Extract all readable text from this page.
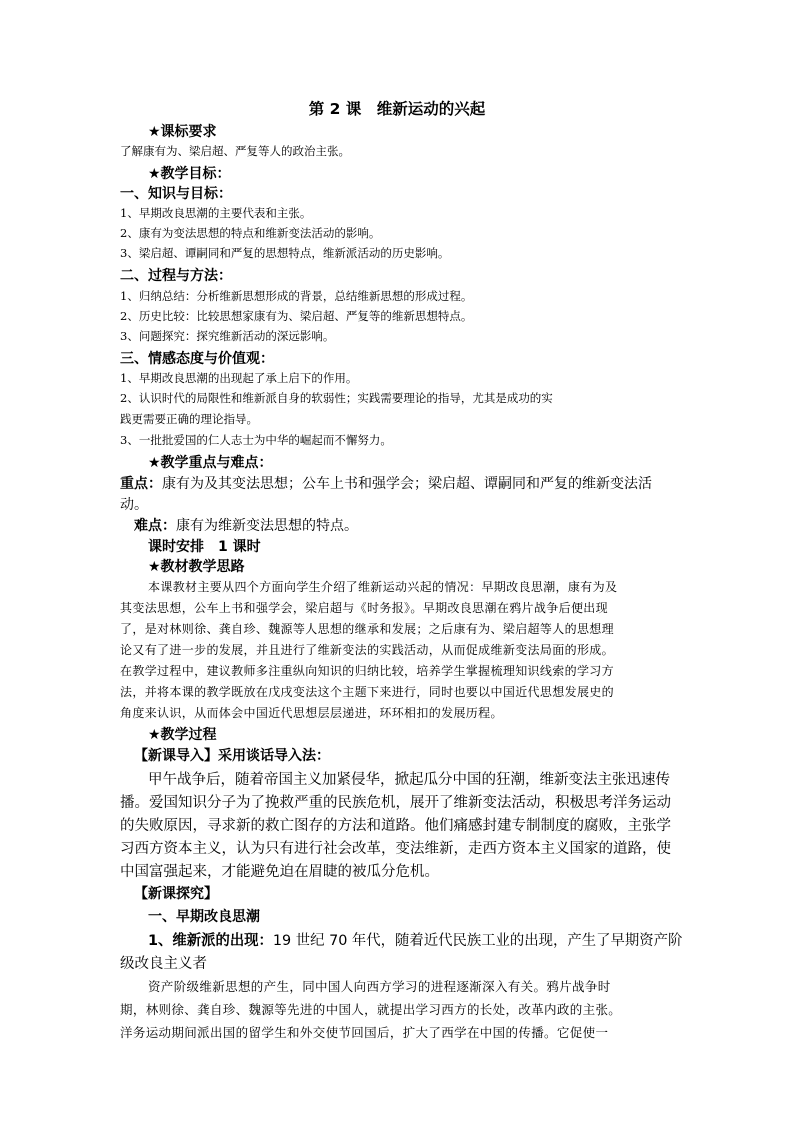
第 2 课　维新运动的兴起
★课标要求
了解康有为、梁启超、严复等人的政治主张。
★教学目标：
一、知识与目标：
1、早期改良思潮的主要代表和主张。
2、康有为变法思想的特点和维新变法活动的影响。
3、梁启超、谭嗣同和严复的思想特点，维新派活动的历史影响。
二、过程与方法：
1、归纳总结：分析维新思想形成的背景，总结维新思想的形成过程。
2、历史比较：比较思想家康有为、梁启超、严复等的维新思想特点。
3、问题探究：探究维新活动的深远影响。
三、情感态度与价值观：
1、早期改良思潮的出现起了承上启下的作用。
2、认识时代的局限性和维新派自身的软弱性；实践需要理论的指导，尤其是成功的实
践更需要正确的理论指导。
3、一批批爱国的仁人志士为中华的崛起而不懈努力。
★教学重点与难点：
重点：康有为及其变法思想；公车上书和强学会；梁启超、谭嗣同和严复的维新变法活
动。
难点：康有为维新变法思想的特点。
课时安排　1 课时
★教材教学思路
本课教材主要从四个方面向学生介绍了维新运动兴起的情况：早期改良思潮，康有为及
其变法思想，公车上书和强学会，梁启超与《时务报》。早期改良思潮在鸦片战争后便出现
了，是对林则徐、龚自珍、魏源等人思想的继承和发展；之后康有为、梁启超等人的思想理
论又有了进一步的发展，并且进行了维新变法的实践活动，从而促成维新变法局面的形成。
在教学过程中，建议教师多注重纵向知识的归纳比较，培养学生掌握梳理知识线索的学习方
法，并将本课的教学既放在戊戌变法这个主题下来进行，同时也要以中国近代思想发展史的
角度来认识，从而体会中国近代思想层层递进，环环相扣的发展历程。
★教学过程
【新课导入】采用谈话导入法：
甲午战争后，随着帝国主义加紧侵华，掀起瓜分中国的狂潮，维新变法主张迅速传
播。爱国知识分子为了挽救严重的民族危机，展开了维新变法活动，积极思考洋务运动
的失败原因，寻求新的救亡图存的方法和道路。他们痛感封建专制制度的腐败，主张学
习西方资本主义，认为只有进行社会改革，变法维新，走西方资本主义国家的道路，使
中国富强起来，才能避免迫在眉睫的被瓜分危机。
【新课探究】
一、早期改良思潮
1、维新派的出现：19 世纪 70 年代，随着近代民族工业的出现，产生了早期资产阶
级改良主义者
资产阶级维新思想的产生，同中国人向西方学习的进程逐渐深入有关。鸦片战争时
期，林则徐、龚自珍、魏源等先进的中国人，就提出学习西方的长处，改革内政的主张。
洋务运动期间派出国的留学生和外交使节回国后，扩大了西学在中国的传播。它促使一
